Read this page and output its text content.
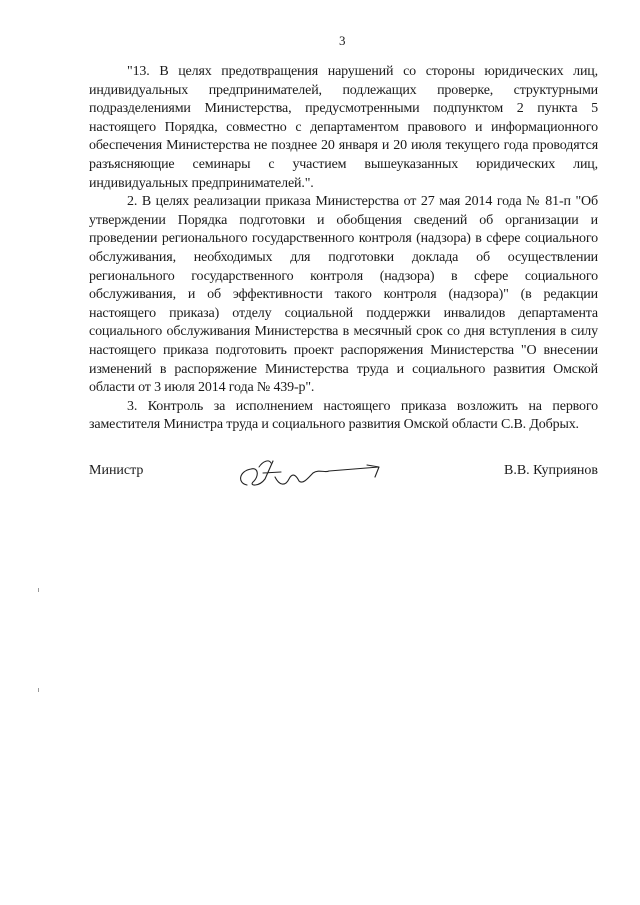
3

"13. В целях предотвращения нарушений со стороны юридических лиц, индивидуальных предпринимателей, подлежащих проверке, структурными подразделениями Министерства, предусмотренными подпунктом 2 пункта 5 настоящего Порядка, совместно с департаментом правового и информационного обеспечения Министерства не позднее 20 января и 20 июля текущего года проводятся разъясняющие семинары с участием вышеуказанных юридических лиц, индивидуальных предпринимателей.".

2. В целях реализации приказа Министерства от 27 мая 2014 года № 81-п "Об утверждении Порядка подготовки и обобщения сведений об организации и проведении регионального государственного контроля (надзора) в сфере социального обслуживания, необходимых для подготовки доклада об осуществлении регионального государственного контроля (надзора) в сфере социального обслуживания, и об эффективности такого контроля (надзора)" (в редакции настоящего приказа) отделу социальной поддержки инвалидов департамента социального обслуживания Министерства в месячный срок со дня вступления в силу настоящего приказа подготовить проект распоряжения Министерства "О внесении изменений в распоряжение Министерства труда и социального развития Омской области от 3 июля 2014 года № 439-р".

3. Контроль за исполнением настоящего приказа возложить на первого заместителя Министра труда и социального развития Омской области С.В. Добрых.

Министр	В.В. Куприянов
